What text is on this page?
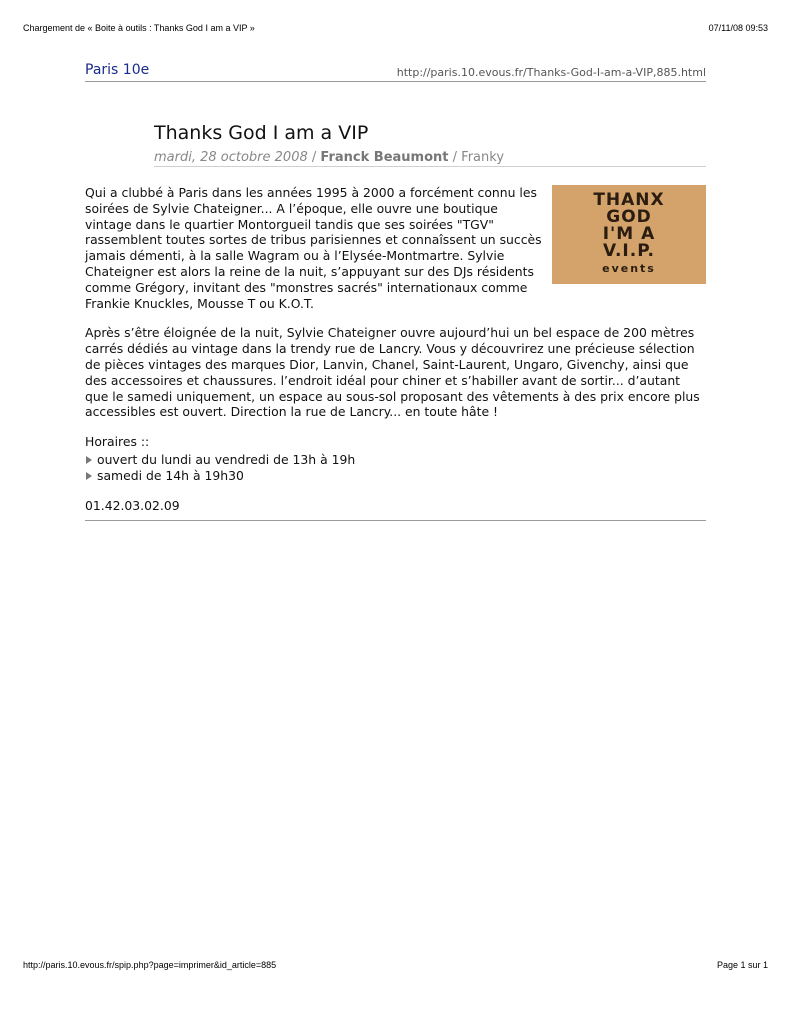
Chargement de « Boite à outils : Thanks God I am a VIP »	07/11/08 09:53
Paris 10e	http://paris.10.evous.fr/Thanks-God-I-am-a-VIP,885.html
Thanks God I am a VIP
mardi, 28 octobre 2008 / Franck Beaumont / Franky
THANX
GOD
I'M A
V.I.P.
events

Qui a clubbé à Paris dans les années 1995 à 2000 a forcément connu les soirées de Sylvie Chateigner... A l’époque, elle ouvre une boutique vintage dans le quartier Montorgueil tandis que ses soirées "TGV" rassemblent toutes sortes de tribus parisiennes et connaîssent un succès jamais démenti, à la salle Wagram ou à l’Elysée-Montmartre. Sylvie Chateigner est alors la reine de la nuit, s’appuyant sur des DJs résidents comme Grégory, invitant des "monstres sacrés" internationaux comme Frankie Knuckles, Mousse T ou K.O.T.

Après s’être éloignée de la nuit, Sylvie Chateigner ouvre aujourd’hui un bel espace de 200 mètres carrés dédiés au vintage dans la trendy rue de Lancry. Vous y découvrirez une précieuse sélection de pièces vintages des marques Dior, Lanvin, Chanel, Saint-Laurent, Ungaro, Givenchy, ainsi que des accessoires et chaussures. l’endroit idéal pour chiner et s’habiller avant de sortir... d’autant que le samedi uniquement, un espace au sous-sol proposant des vêtements à des prix encore plus accessibles est ouvert. Direction la rue de Lancry... en toute hâte !

Horaires ::
ouvert du lundi au vendredi de 13h à 19h
samedi de 14h à 19h30

01.42.03.02.09

http://paris.10.evous.fr/spip.php?page=imprimer&id_article=885	Page 1 sur 1
